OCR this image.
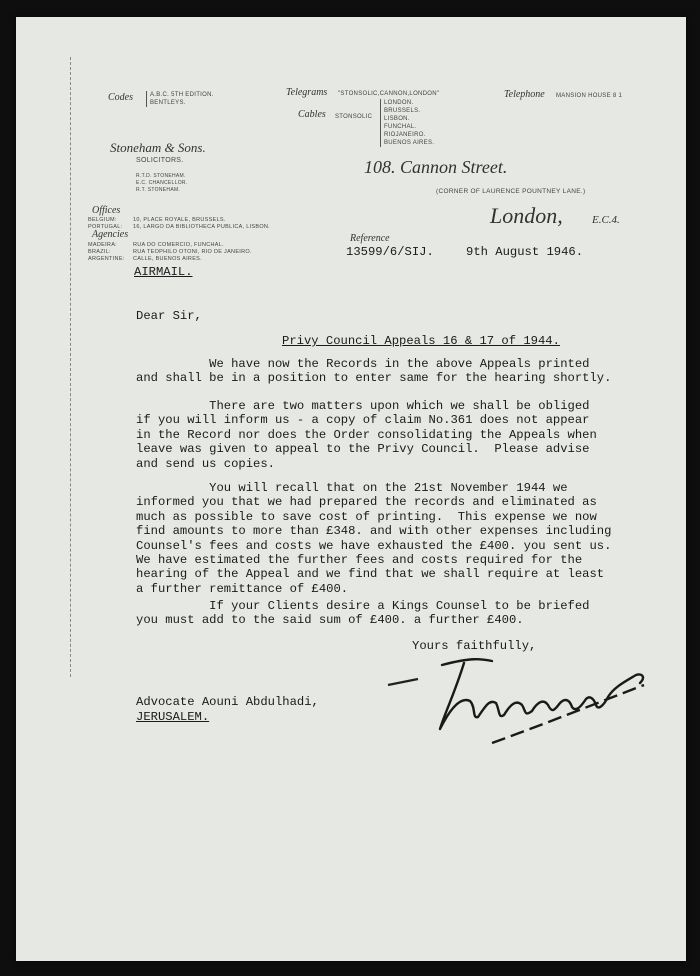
Codes	A.B.C. 5TH EDITION.
BENTLEYS.
Telegrams "STONSOLIC,CANNON,LONDON"
Cables STONSOLIC
LONDON.
BRUSSELS.
LISBON.
FUNCHAL.
RIOJANEIRO.
BUENOS AIRES.
Telephone MANSION HOUSE 8 1
Stoneham & Sons.
SOLICITORS.
R.T.D. STONEHAM.
E.C. CHANCELLOR.
R.T. STONEHAM.
108. Cannon Street.
(CORNER OF LAURENCE POUNTNEY LANE.)
London,	E.C.4.
Offices
BELGIUM:	10, PLACE ROYALE, BRUSSELS.
PORTUGAL: 16, LARGO DA BIBLIOTHECA PUBLICA, LISBON.
Agencies
MADEIRA:	RUA DO COMERCIO, FUNCHAL.
BRAZIL:	RUA TEOPHILO OTONI, RIO DE JANEIRO.
ARGENTINE: CALLE, BUENOS AIRES.
Reference
13599/6/SIJ.	9th August 1946.
AIRMAIL.
Dear Sir,
Privy Council Appeals 16 & 17 of 1944.
We have now the Records in the above Appeals printed
and shall be in a position to enter same for the hearing shortly.
There are two matters upon which we shall be obliged
if you will inform us - a copy of claim No.361 does not appear
in the Record nor does the Order consolidating the Appeals when
leave was given to appeal to the Privy Council.  Please advise
and send us copies.
You will recall that on the 21st November 1944 we
informed you that we had prepared the records and eliminated as
much as possible to save cost of printing.  This expense we now
find amounts to more than £348. and with other expenses including
Counsel's fees and costs we have exhausted the £400. you sent us.
We have estimated the further fees and costs required for the
hearing of the Appeal and we find that we shall require at least
a further remittance of £400.
If your Clients desire a Kings Counsel to be briefed
you must add to the said sum of £400. a further £400.
Yours faithfully,
Advocate Aouni Abdulhadi,
JERUSALEM.
